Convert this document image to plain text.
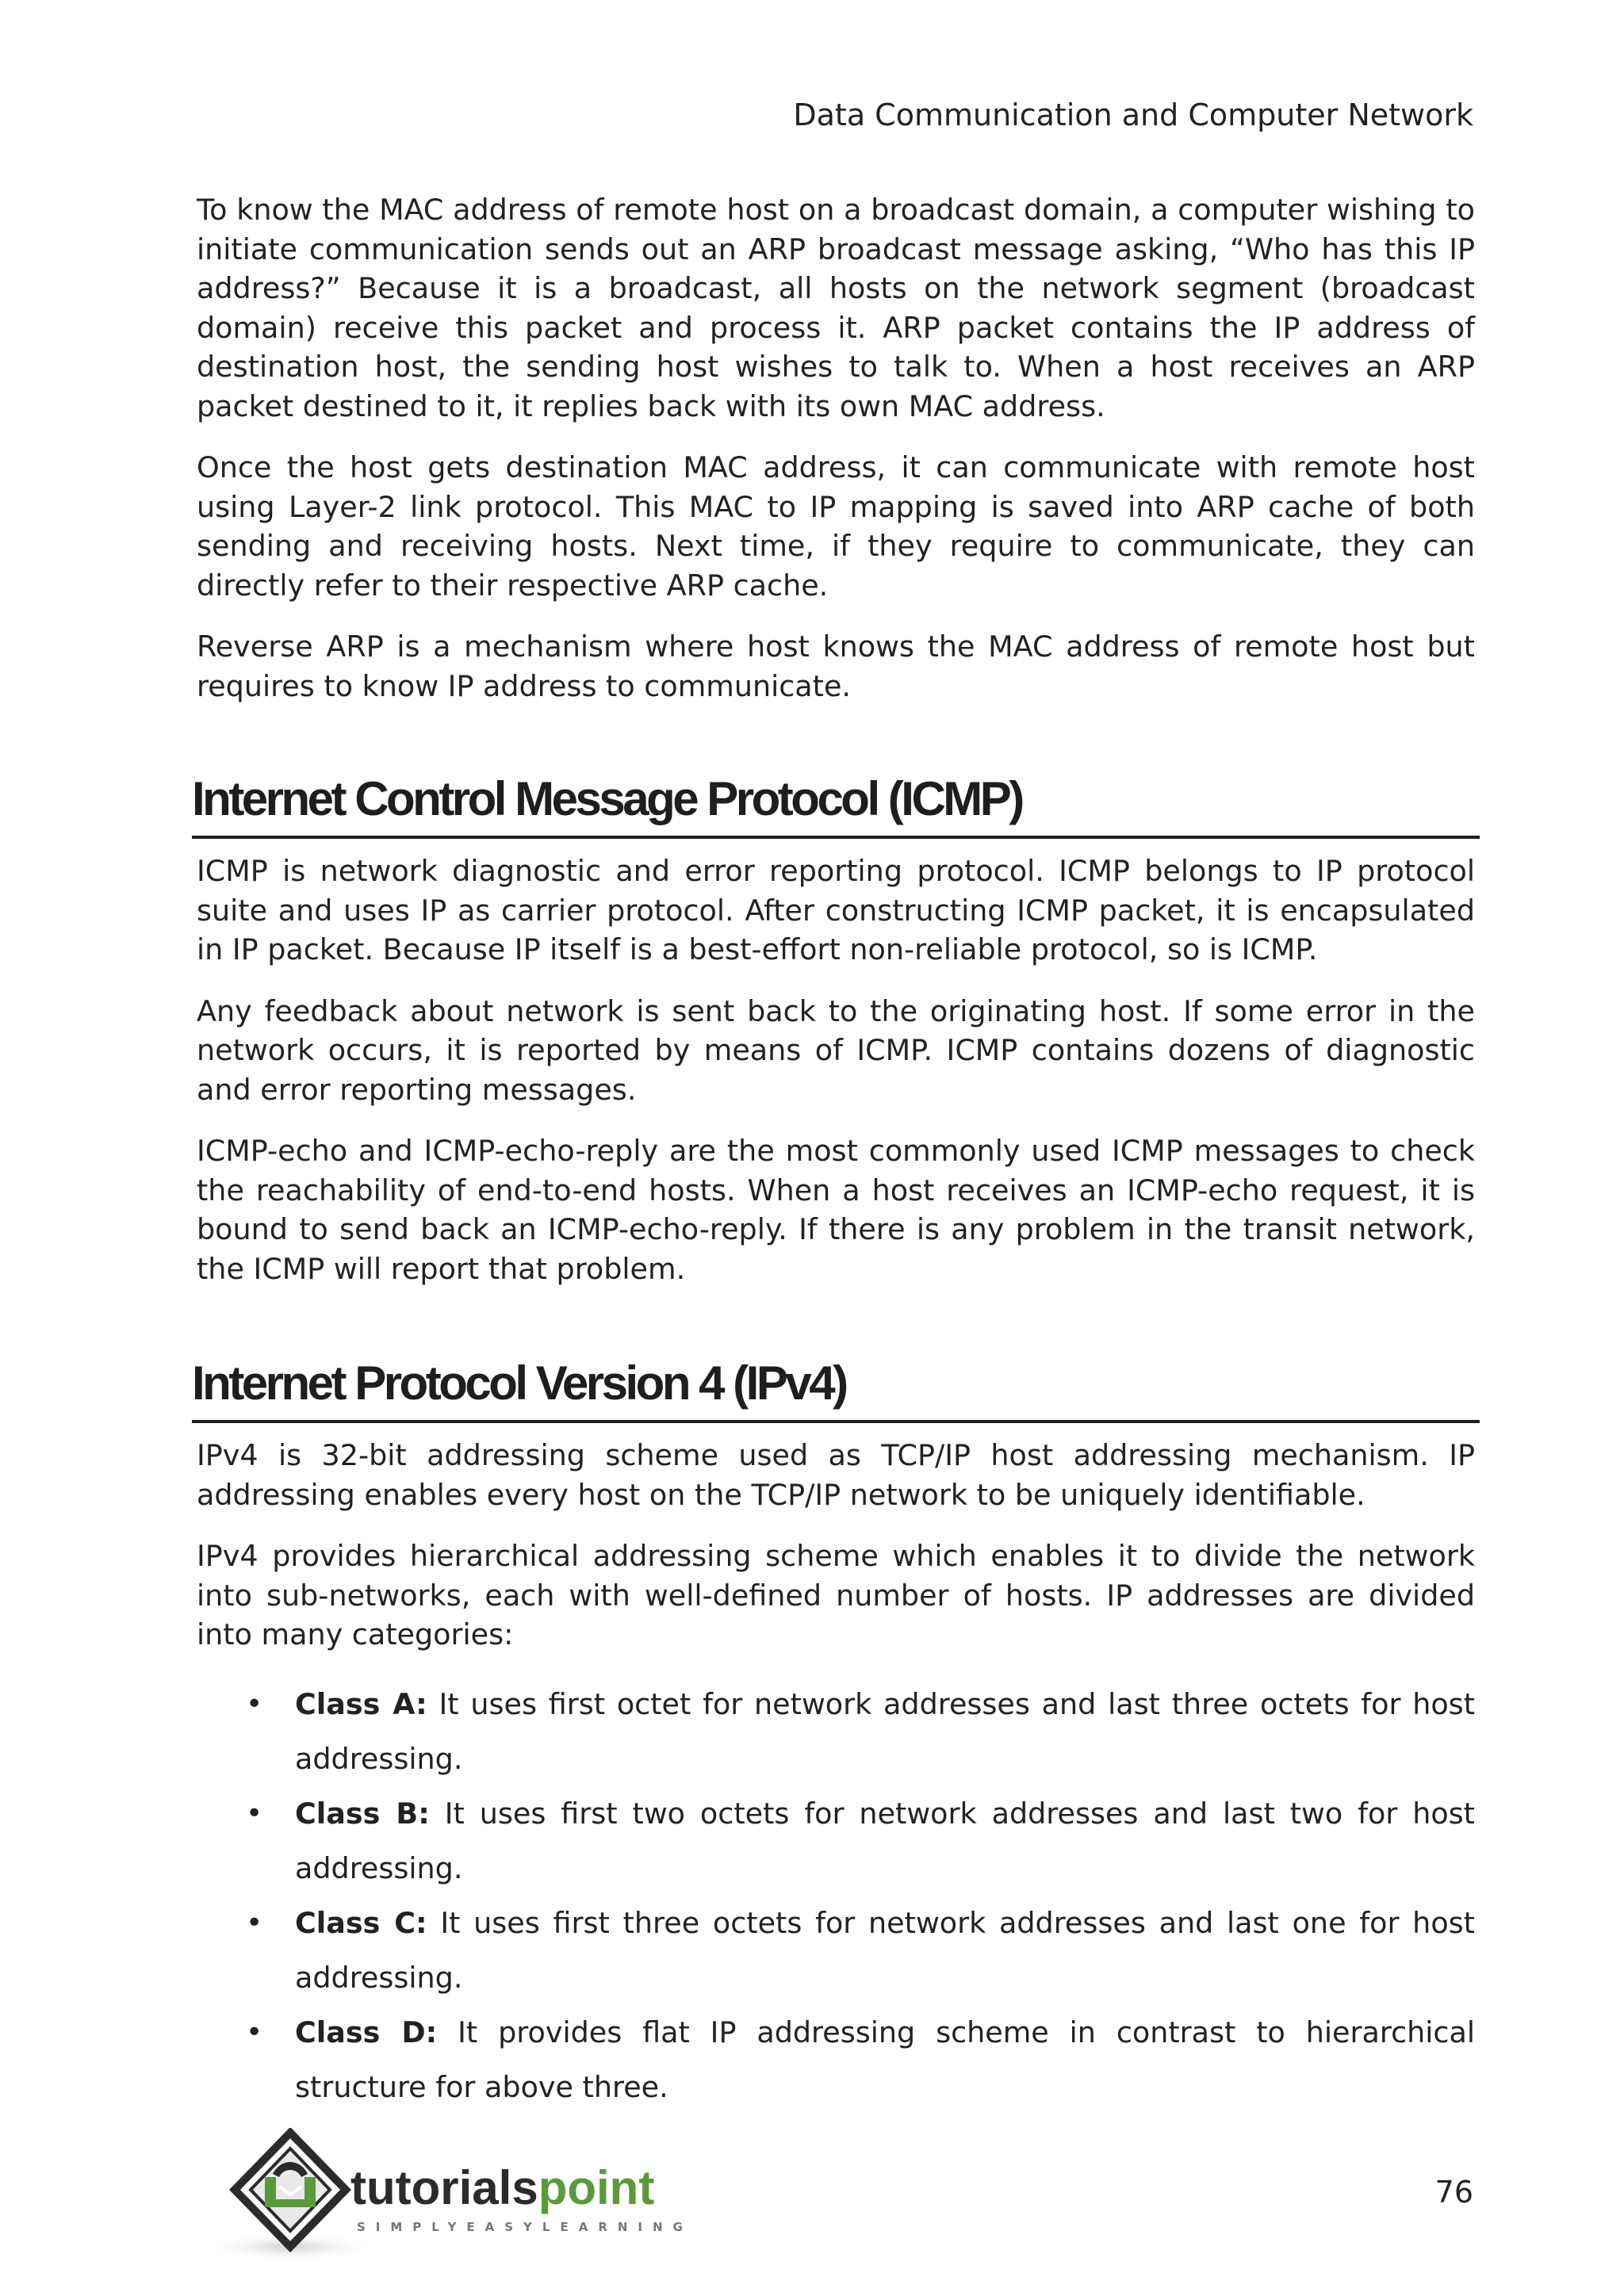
Data Communication and Computer Network

To know the MAC address of remote host on a broadcast domain, a computer wishing to initiate communication sends out an ARP broadcast message asking, “Who has this IP address?” Because it is a broadcast, all hosts on the network segment (broadcast domain) receive this packet and process it. ARP packet contains the IP address of destination host, the sending host wishes to talk to. When a host receives an ARP packet destined to it, it replies back with its own MAC address.

Once the host gets destination MAC address, it can communicate with remote host using Layer-2 link protocol. This MAC to IP mapping is saved into ARP cache of both sending and receiving hosts. Next time, if they require to communicate, they can directly refer to their respective ARP cache.

Reverse ARP is a mechanism where host knows the MAC address of remote host but requires to know IP address to communicate.

Internet Control Message Protocol (ICMP)

ICMP is network diagnostic and error reporting protocol. ICMP belongs to IP protocol suite and uses IP as carrier protocol. After constructing ICMP packet, it is encapsulated in IP packet. Because IP itself is a best-effort non-reliable protocol, so is ICMP.

Any feedback about network is sent back to the originating host. If some error in the network occurs, it is reported by means of ICMP. ICMP contains dozens of diagnostic and error reporting messages.

ICMP-echo and ICMP-echo-reply are the most commonly used ICMP messages to check the reachability of end-to-end hosts. When a host receives an ICMP-echo request, it is bound to send back an ICMP-echo-reply. If there is any problem in the transit network, the ICMP will report that problem.

Internet Protocol Version 4 (IPv4)

IPv4 is 32-bit addressing scheme used as TCP/IP host addressing mechanism. IP addressing enables every host on the TCP/IP network to be uniquely identifiable.

IPv4 provides hierarchical addressing scheme which enables it to divide the network into sub-networks, each with well-defined number of hosts. IP addresses are divided into many categories:

• Class A: It uses first octet for network addresses and last three octets for host addressing.
• Class B: It uses first two octets for network addresses and last two for host addressing.
• Class C: It uses first three octets for network addresses and last one for host addressing.
• Class D: It provides flat IP addressing scheme in contrast to hierarchical structure for above three.
tutorialspoint
SIMPLYEASYLEARNING
76
